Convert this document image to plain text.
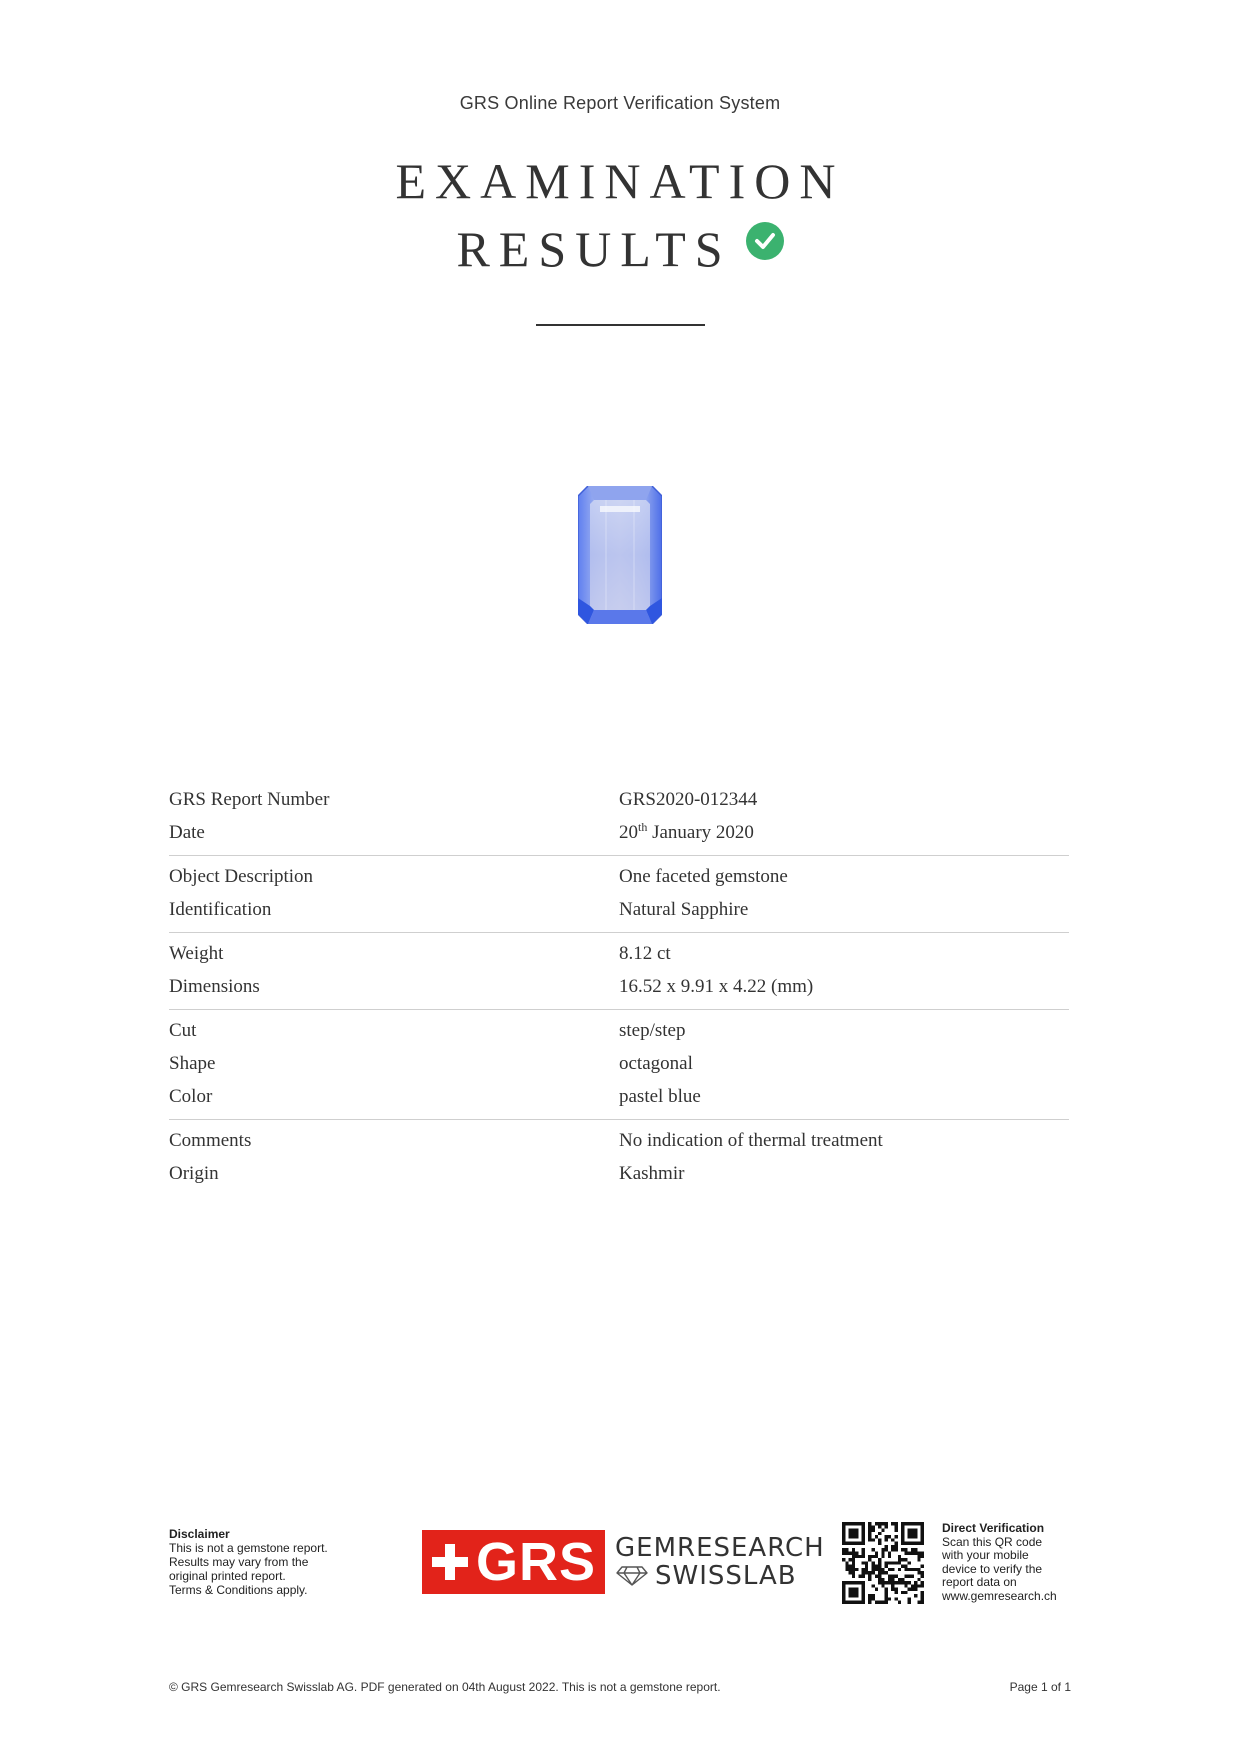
GRS Online Report Verification System
EXAMINATION
RESULTS
GRS Report Number	GRS2020-012344
Date	20th January 2020
Object Description	One faceted gemstone
Identification	Natural Sapphire
Weight	8.12 ct
Dimensions	16.52 x 9.91 x 4.22 (mm)
Cut	step/step
Shape	octagonal
Color	pastel blue
Comments	No indication of thermal treatment
Origin	Kashmir
Disclaimer
This is not a gemstone report.
Results may vary from the
original printed report.
Terms & Conditions apply.	GRS GEMRESEARCH
SWISSLAB
Direct Verification
Scan this QR code
with your mobile
device to verify the
report data on
www.gemresearch.ch
© GRS Gemresearch Swisslab AG. PDF generated on 04th August 2022. This is not a gemstone report.	Page 1 of 1
